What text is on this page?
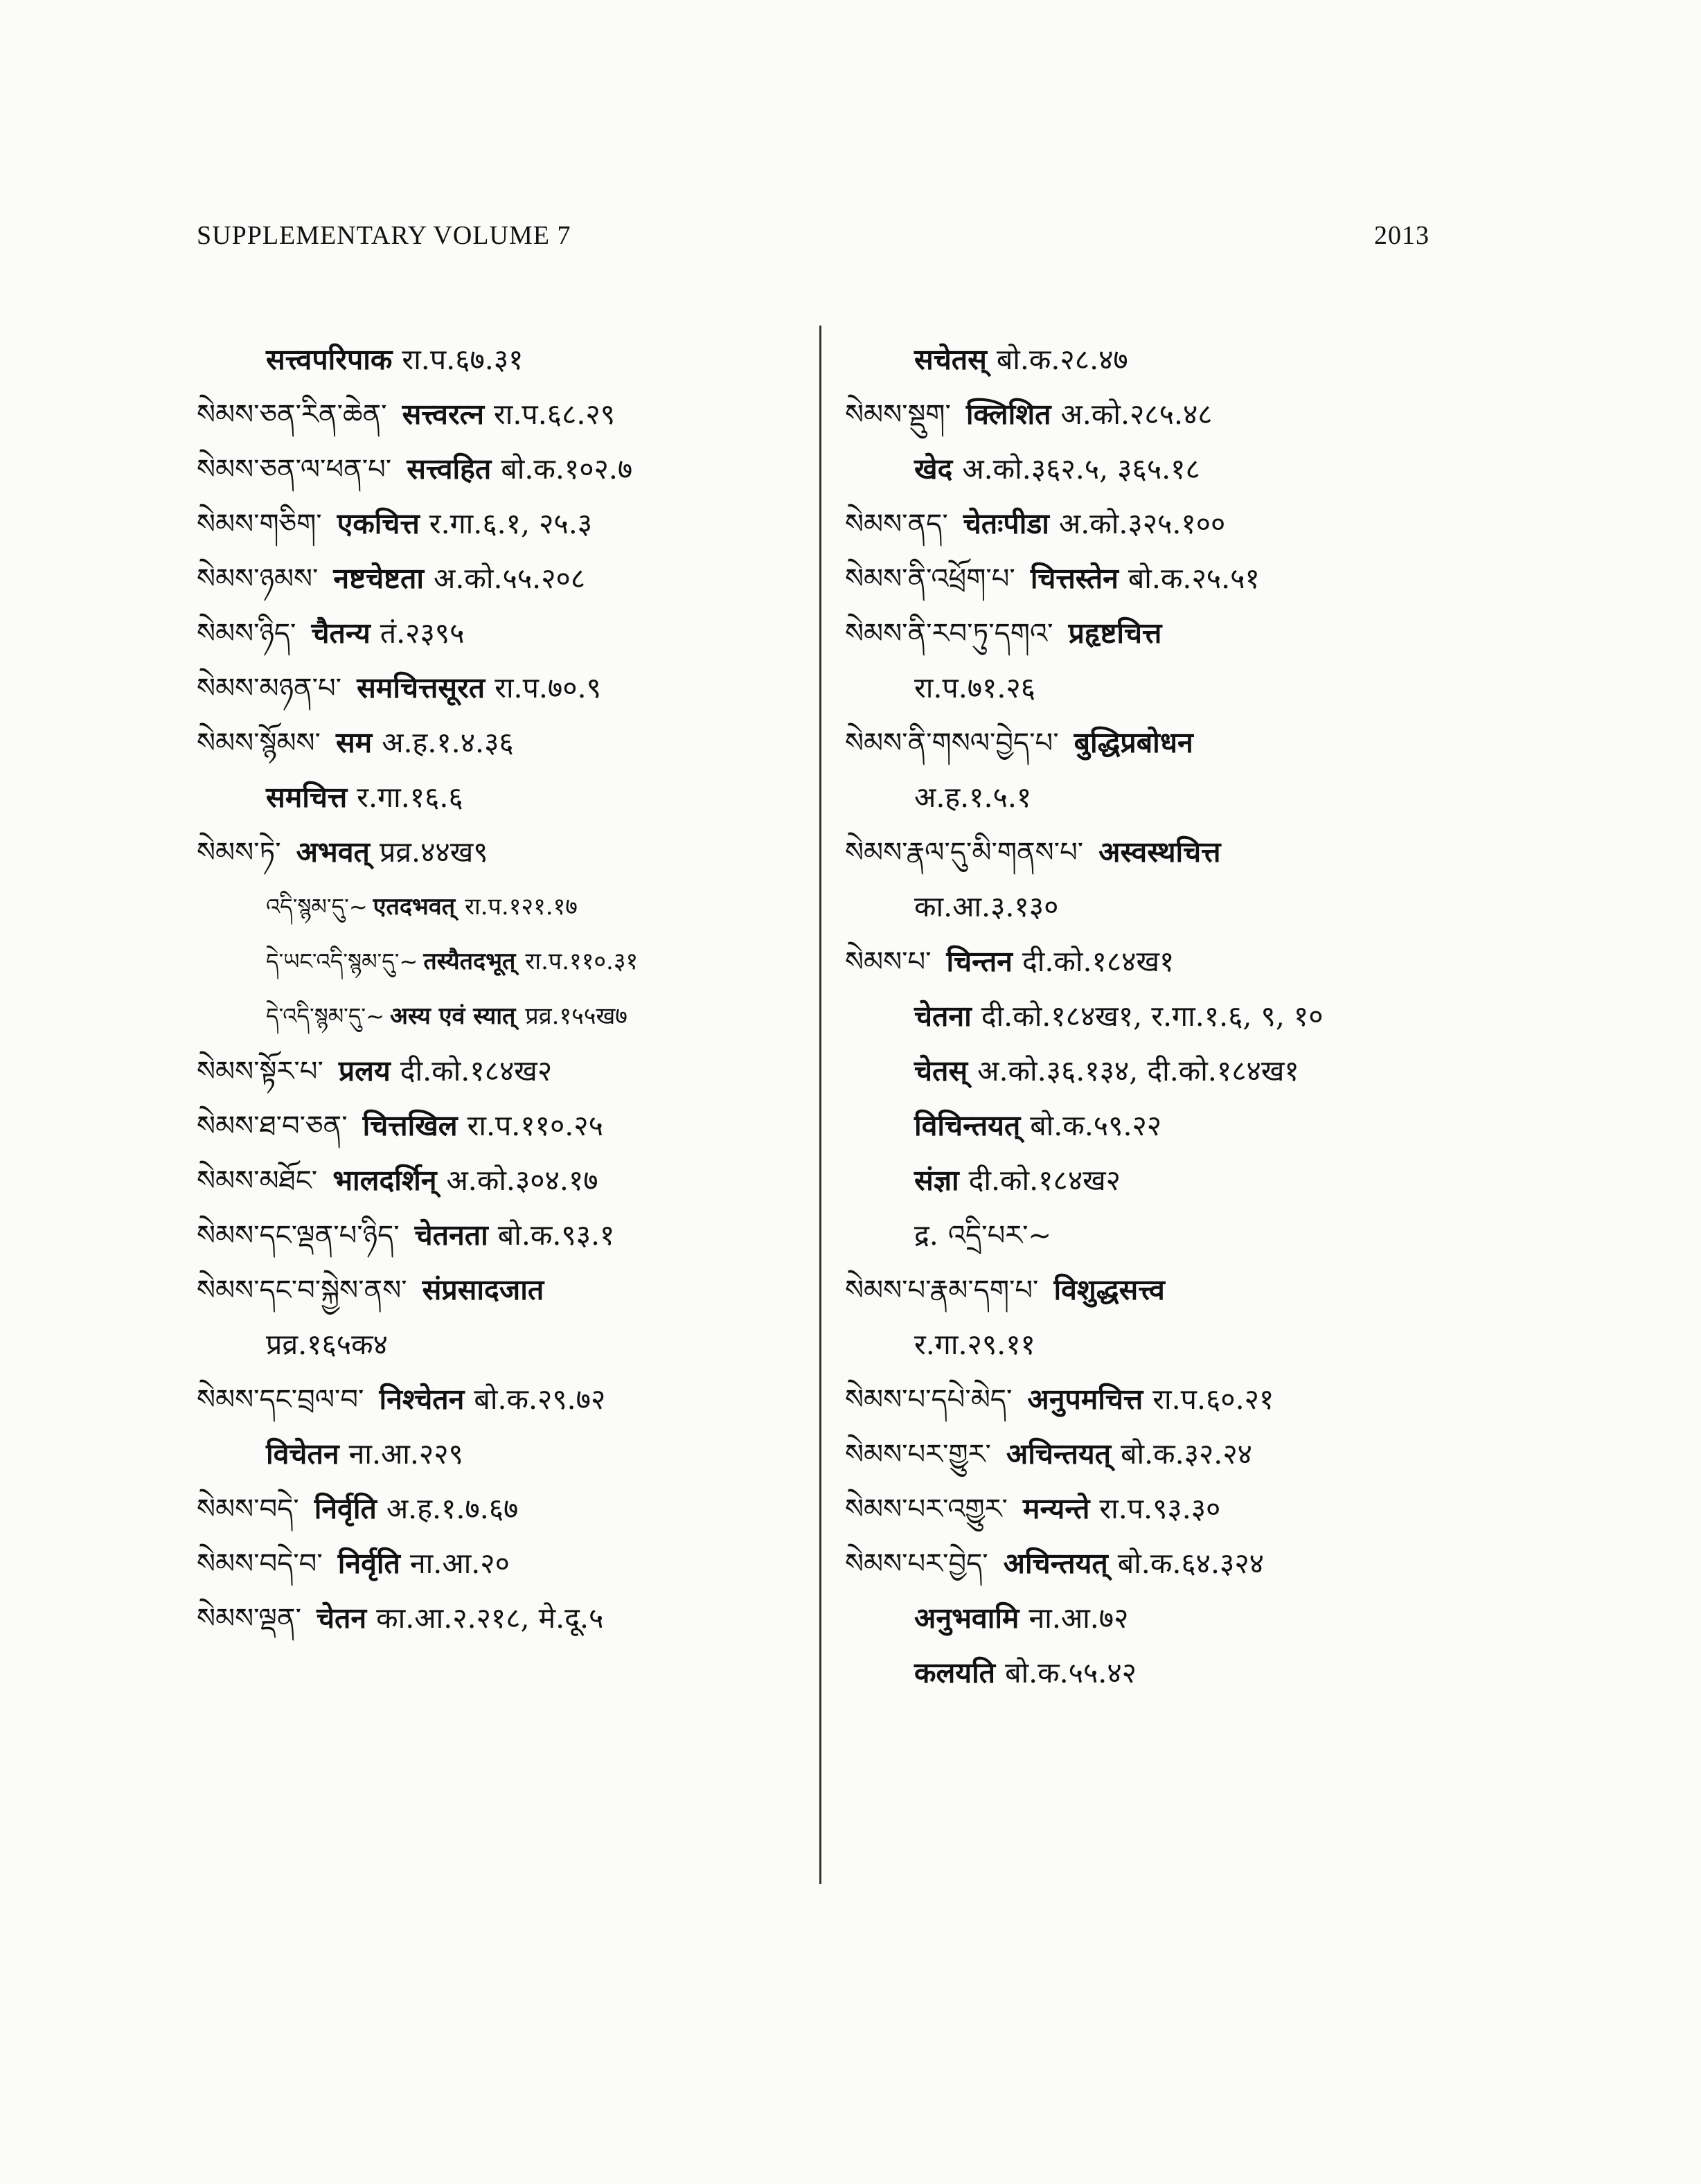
SUPPLEMENTARY VOLUME 7	2013
सत्त्वपरिपाक रा.प.६७.३१
སེམས་ཅན་རིན་ཆེན་ सत्त्वरत्न रा.प.६८.२९
སེམས་ཅན་ལ་ཕན་པ་ सत्त्वहित बो.क.१०२.७
སེམས་གཅིག་ एकचित्त र.गा.६.१, २५.३
སེམས་ཉམས་ नष्टचेष्टता अ.को.५५.२०८
སེམས་ཉིད་ चैतन्य तं.२३९५
སེམས་མཉན་པ་ समचित्तसूरत रा.प.७०.९
སེམས་སྙོམས་ सम अ.ह.१.४.३६
समचित्त र.गा.१६.६
སེམས་ཏེ་ अभवत् प्रव्र.४४ख९
འདི་སྙམ་དུ་~ एतदभवत् रा.प.१२१.१७
དེ་ཡང་འདི་སྙམ་དུ་~ तस्यैतदभूत् रा.प.११०.३१
དེ་འདི་སྙམ་དུ་~ अस्य एवं स्यात् प्रव्र.१५५ख७
སེམས་སྟོར་པ་ प्रलय दी.को.१८४ख२
སེམས་ཐ་བ་ཅན་ चित्तखिल रा.प.११०.२५
སེམས་མཐོང་ भालदर्शिन् अ.को.३०४.१७
སེམས་དང་ལྡན་པ་ཉིད་ चेतनता बो.क.९३.१
སེམས་དང་བ་སྐྱེས་ནས་ संप्रसादजात
प्रव्र.१६५क४
སེམས་དང་བྲལ་བ་ निश्चेतन बो.क.२९.७२
विचेतन ना.आ.२२९
སེམས་བདེ་ निर्वृति अ.ह.१.७.६७
སེམས་བདེ་བ་ निर्वृति ना.आ.२०
སེམས་ལྡན་ चेतन का.आ.२.२१८, मे.दू.५
सचेतस् बो.क.२८.४७
སེམས་སྡུག་ क्लिशित अ.को.२८५.४८
खेद अ.को.३६२.५, ३६५.१८
སེམས་ནད་ चेतःपीडा अ.को.३२५.१००
སེམས་ནི་འཕྲོག་པ་ चित्तस्तेन बो.क.२५.५१
སེམས་ནི་རབ་ཏུ་དགའ་ प्रहृष्टचित्त
रा.प.७१.२६
སེམས་ནི་གསལ་བྱེད་པ་ बुद्धिप्रबोधन
अ.ह.१.५.१
སེམས་རྣལ་དུ་མི་གནས་པ་ अस्वस्थचित्त
का.आ.३.१३०
སེམས་པ་ चिन्तन दी.को.१८४ख१
चेतना दी.को.१८४ख१, र.गा.१.६, ९, १०
चेतस् अ.को.३६.१३४, दी.को.१८४ख१
विचिन्तयत् बो.क.५९.२२
संज्ञा दी.को.१८४ख२
द्र. འདྲི་པར་~
སེམས་པ་རྣམ་དག་པ་ विशुद्धसत्त्व
र.गा.२९.११
སེམས་པ་དཔེ་མེད་ अनुपमचित्त रा.प.६०.२१
སེམས་པར་གྱུར་ अचिन्तयत् बो.क.३२.२४
སེམས་པར་འགྱུར་ मन्यन्ते रा.प.९३.३०
སེམས་པར་བྱེད་ अचिन्तयत् बो.क.६४.३२४
अनुभवामि ना.आ.७२
कलयति बो.क.५५.४२
